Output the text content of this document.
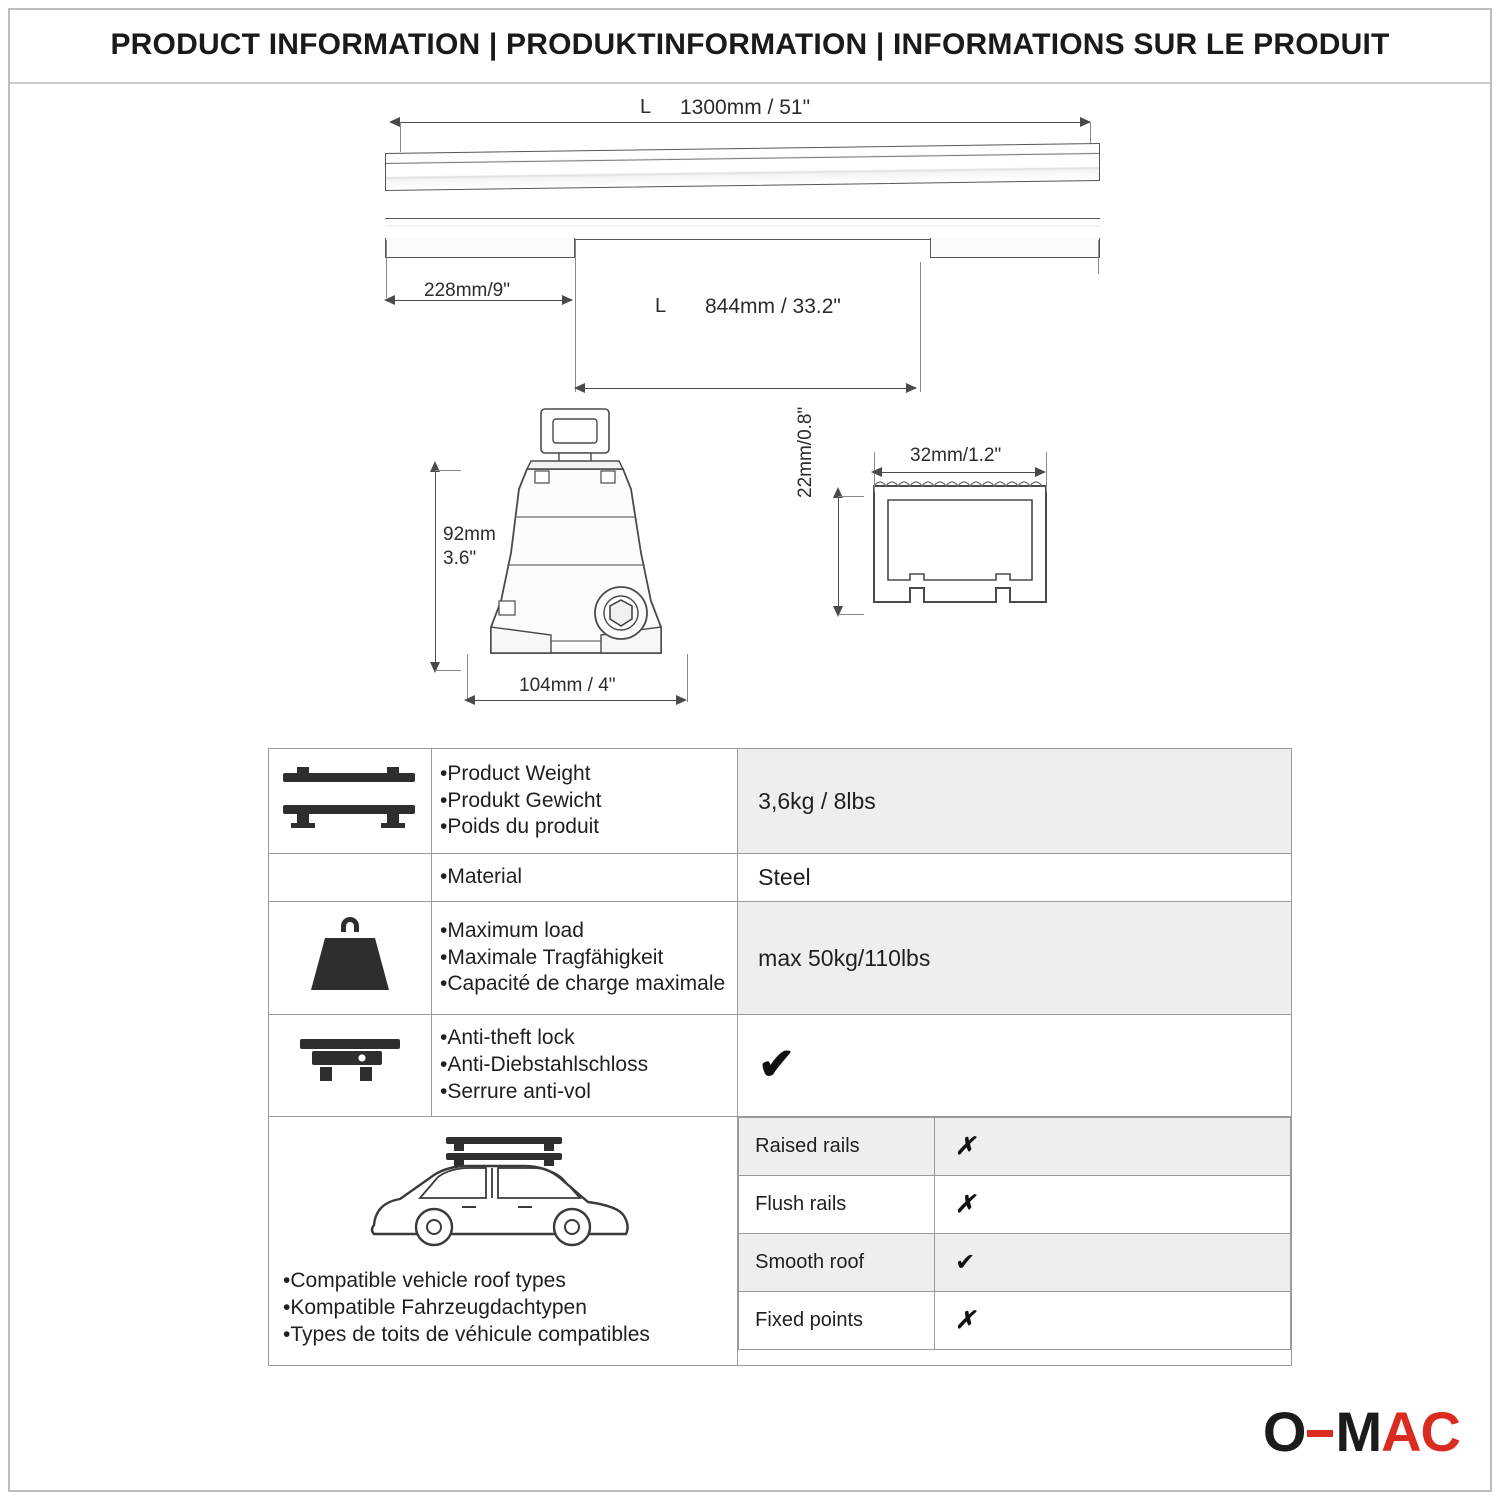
PRODUCT INFORMATION | PRODUKTINFORMATION | INFORMATIONS SUR LE PRODUIT
L 1300mm / 51"
228mm/9"
L 844mm / 33.2"
92mm
3.6"
104mm / 4"
32mm/1.2"
22mm/0.8"

•Product Weight
•Produkt Gewicht
•Poids du produit
	3,6kg / 8lbs

•Material	Steel

•Maximum load
•Maximale Tragfähigkeit
•Capacité de charge maximale
	max 50kg/110lbs

•Anti-theft lock
•Anti-Diebstahlschloss
•Serrure anti-vol
	✔

•Compatible vehicle roof types
•Kompatible Fahrzeugdachtypen
•Types de toits de véhicule compatibles

Raised rails	✗
Flush rails	✗
Smooth roof	✔
Fixed points	✗
O MAC
